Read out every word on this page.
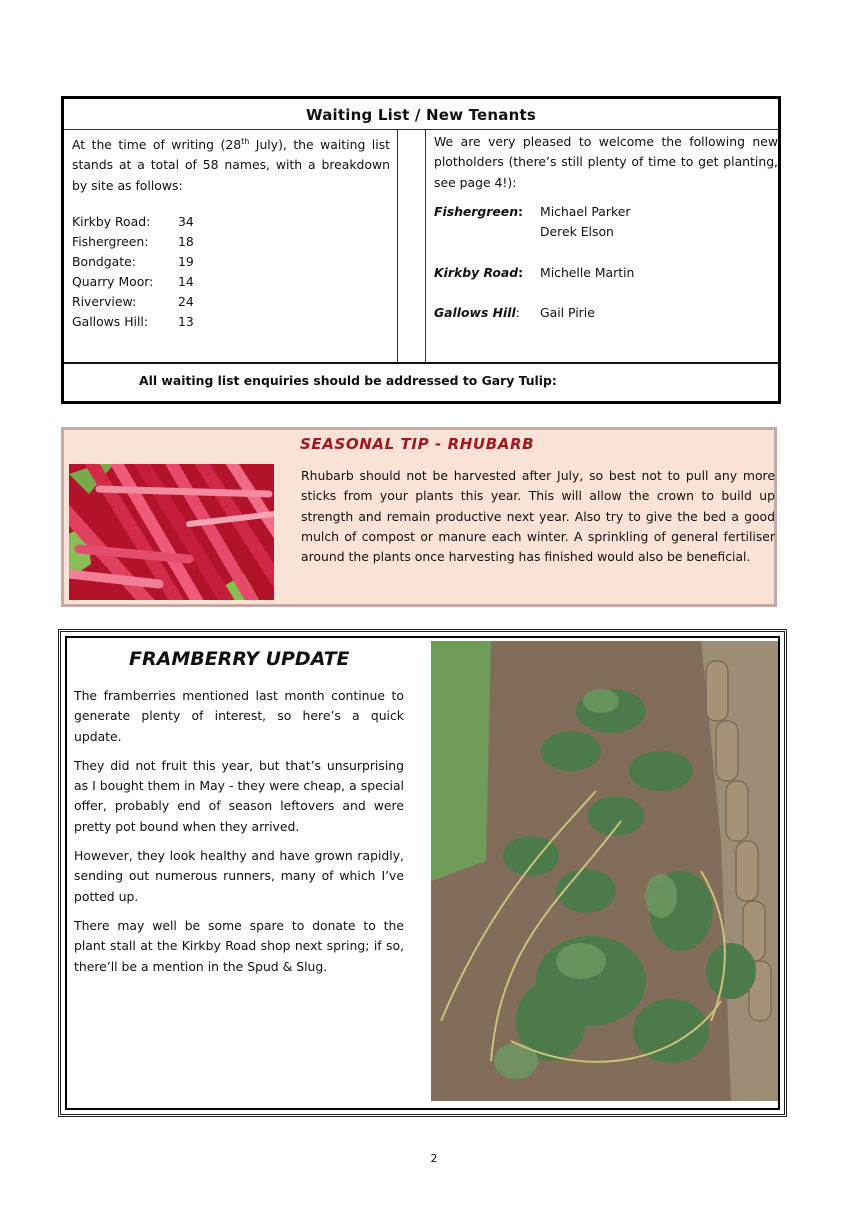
Waiting List / New Tenants
At the time of writing (28th July), the waiting list stands at a total of 58 names, with a breakdown by site as follows:
Kirkby Road: 34
Fishergreen: 18
Bondgate:	19
Quarry Moor: 14
Riverview:	24
Gallows Hill: 13
We are very pleased to welcome the following new plotholders (there’s still plenty of time to get planting, see page 4!):
Fishergreen: Michael Parker
Derek Elson
Kirkby Road: Michelle Martin
Gallows Hill: Gail Pirie
All waiting list enquiries should be addressed to Gary Tulip:
SEASONAL TIP - RHUBARB
Rhubarb should not be harvested after July, so best not to pull any more sticks from your plants this year. This will allow the crown to build up strength and remain productive next year. Also try to give the bed a good mulch of compost or manure each winter. A sprinkling of general fertiliser around the plants once harvesting has finished would also be beneficial.
FRAMBERRY UPDATE

The framberries mentioned last month continue to generate plenty of interest, so here’s a quick update.

They did not fruit this year, but that’s unsurprising as I bought them in May - they were cheap, a special offer, probably end of season leftovers and were pretty pot bound when they arrived.

However, they look healthy and have grown rapidly, sending out numerous runners, many of which I’ve potted up.

There may well be some spare to donate to the plant stall at the Kirkby Road shop next spring; if so, there’ll be a mention in the Spud & Slug.

2
